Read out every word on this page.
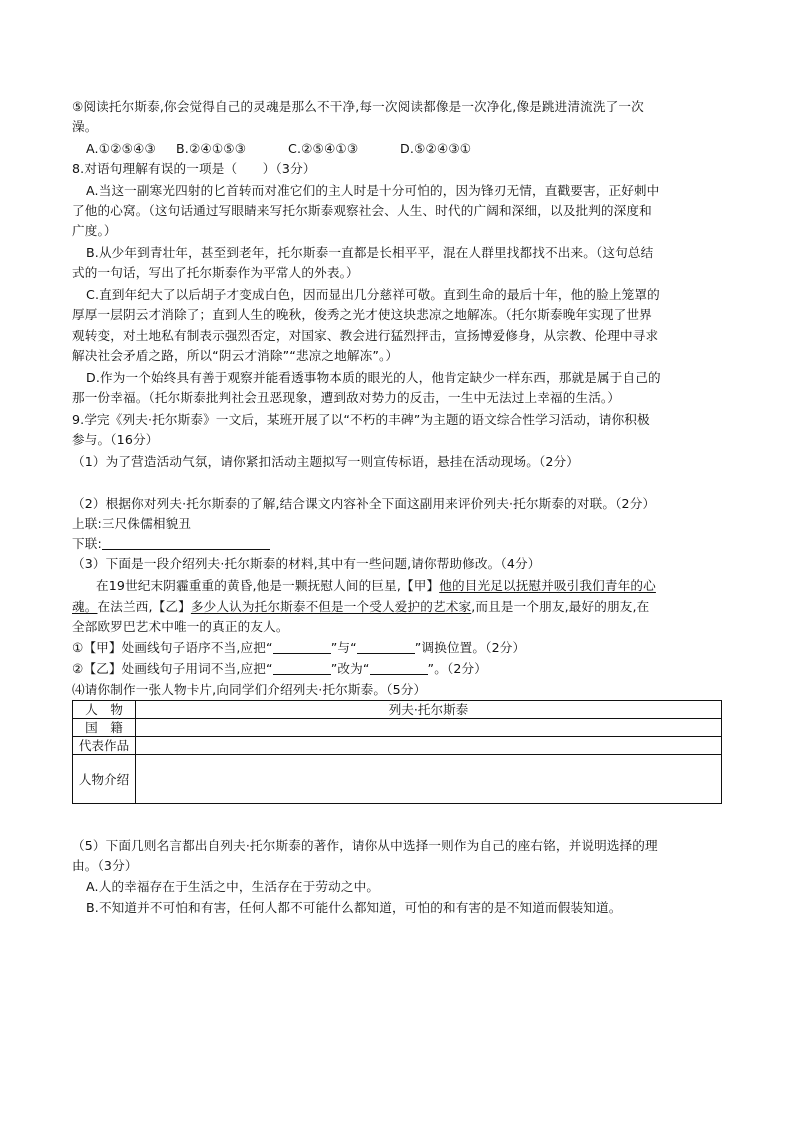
⑤阅读托尔斯泰,你会觉得自己的灵魂是那么不干净,每一次阅读都像是一次净化,像是跳进清流洗了一次
澡。
A.①②⑤④③ B.②④①⑤③	C.②⑤④①③	D.⑤②④③①
8.对语句理解有误的一项是（　　）（3分）
A.当这一副寒光四射的匕首转而对准它们的主人时是十分可怕的，因为锋刃无情，直戳要害，正好刺中
了他的心窝。（这句话通过写眼睛来写托尔斯泰观察社会、人生、时代的广阔和深细，以及批判的深度和
广度。）
B.从少年到青壮年，甚至到老年，托尔斯泰一直都是长相平平，混在人群里找都找不出来。（这句总结
式的一句话，写出了托尔斯泰作为平常人的外表。）
C.直到年纪大了以后胡子才变成白色，因而显出几分慈祥可敬。直到生命的最后十年，他的脸上笼罩的
厚厚一层阴云才消除了；直到人生的晚秋，俊秀之光才使这块悲凉之地解冻。（托尔斯泰晚年实现了世界
观转变，对土地私有制表示强烈否定，对国家、教会进行猛烈抨击，宣扬博爱修身，从宗教、伦理中寻求
解决社会矛盾之路，所以“阴云才消除”“悲凉之地解冻”。）
D.作为一个始终具有善于观察并能看透事物本质的眼光的人，他肯定缺少一样东西，那就是属于自己的
那一份幸福。（托尔斯泰批判社会丑恶现象，遭到敌对势力的反击，一生中无法过上幸福的生活。）
9.学完《列夫·托尔斯泰》一文后，某班开展了以“不朽的丰碑”为主题的语文综合性学习活动，请你积极
参与。（16分）
（1）为了营造活动气氛，请你紧扣活动主题拟写一则宣传标语，悬挂在活动现场。（2分）
（2）根据你对列夫·托尔斯泰的了解,结合课文内容补全下面这副用来评价列夫·托尔斯泰的对联。（2分）
上联:三尺侏儒相貌丑
下联:
（3）下面是一段介绍列夫·托尔斯泰的材料,其中有一些问题,请你帮助修改。（4分）
在19世纪末阴霾重重的黄昏,他是一颗抚慰人间的巨星,【甲】他的目光足以抚慰并吸引我们青年的心
魂。在法兰西,【乙】多少人认为托尔斯泰不但是一个受人爱护的艺术家,而且是一个朋友,最好的朋友,在
全部欧罗巴艺术中唯一的真正的友人。
①【甲】处画线句子语序不当,应把“	”与“	”调换位置。（2分）
②【乙】处画线句子用词不当,应把“	”改为“	”。（2分）
⑷请你制作一张人物卡片,向同学们介绍列夫·托尔斯泰。（5分）
人　物	列夫·托尔斯泰
国　籍	
代表作品	
人物介绍	
（5）下面几则名言都出自列夫·托尔斯泰的著作，请你从中选择一则作为自己的座右铭，并说明选择的理
由。（3分）
A.人的幸福存在于生活之中，生活存在于劳动之中。
B.不知道并不可怕和有害，任何人都不可能什么都知道，可怕的和有害的是不知道而假装知道。
